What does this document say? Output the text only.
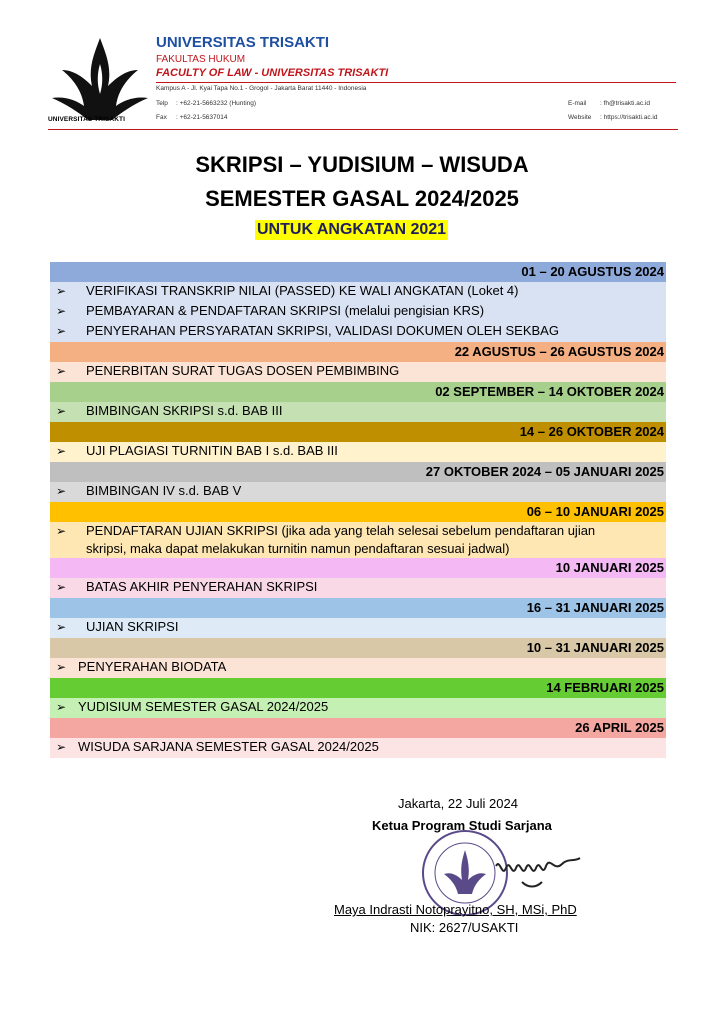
UNIVERSITAS TRISAKTI
UNIVERSITAS TRISAKTI
FAKULTAS HUKUM
FACULTY OF LAW - UNIVERSITAS TRISAKTI
Kampus A - Jl. Kyai Tapa No.1 - Grogol - Jakarta Barat 11440 - Indonesia
Telp : +62-21-5663232 (Hunting)
Fax : +62-21-5637014
E-mail : fh@trisakti.ac.id
Website : https://trisakti.ac.id
SKRIPSI – YUDISIUM – WISUDA
SEMESTER GASAL 2024/2025
UNTUK ANGKATAN 2021
01 – 20 AGUSTUS 2024
➢ VERIFIKASI TRANSKRIP NILAI (PASSED) KE WALI ANGKATAN (Loket 4)
➢ PEMBAYARAN & PENDAFTARAN SKRIPSI (melalui pengisian KRS)
➢ PENYERAHAN PERSYARATAN SKRIPSI, VALIDASI DOKUMEN OLEH SEKBAG
22 AGUSTUS – 26 AGUSTUS 2024
➢ PENERBITAN SURAT TUGAS DOSEN PEMBIMBING
02 SEPTEMBER – 14 OKTOBER 2024
➢ BIMBINGAN SKRIPSI s.d. BAB III
14 – 26 OKTOBER 2024
➢ UJI PLAGIASI TURNITIN BAB I s.d. BAB III
27 OKTOBER 2024 – 05 JANUARI 2025
➢ BIMBINGAN IV s.d. BAB V
06 – 10 JANUARI 2025
➢ PENDAFTARAN UJIAN SKRIPSI (jika ada yang telah selesai sebelum pendaftaran ujian skripsi, maka dapat melakukan turnitin namun pendaftaran sesuai jadwal)
10 JANUARI 2025
➢ BATAS AKHIR PENYERAHAN SKRIPSI
16 – 31 JANUARI 2025
➢ UJIAN SKRIPSI
10 – 31 JANUARI 2025
➢ PENYERAHAN BIODATA
14 FEBRUARI 2025
➢ YUDISIUM SEMESTER GASAL 2024/2025
26 APRIL 2025
➢ WISUDA SARJANA SEMESTER GASAL 2024/2025
Jakarta, 22 Juli 2024
Ketua Program Studi Sarjana
Maya Indrasti Notoprayitno, SH, MSi, PhD
NIK: 2627/USAKTI
